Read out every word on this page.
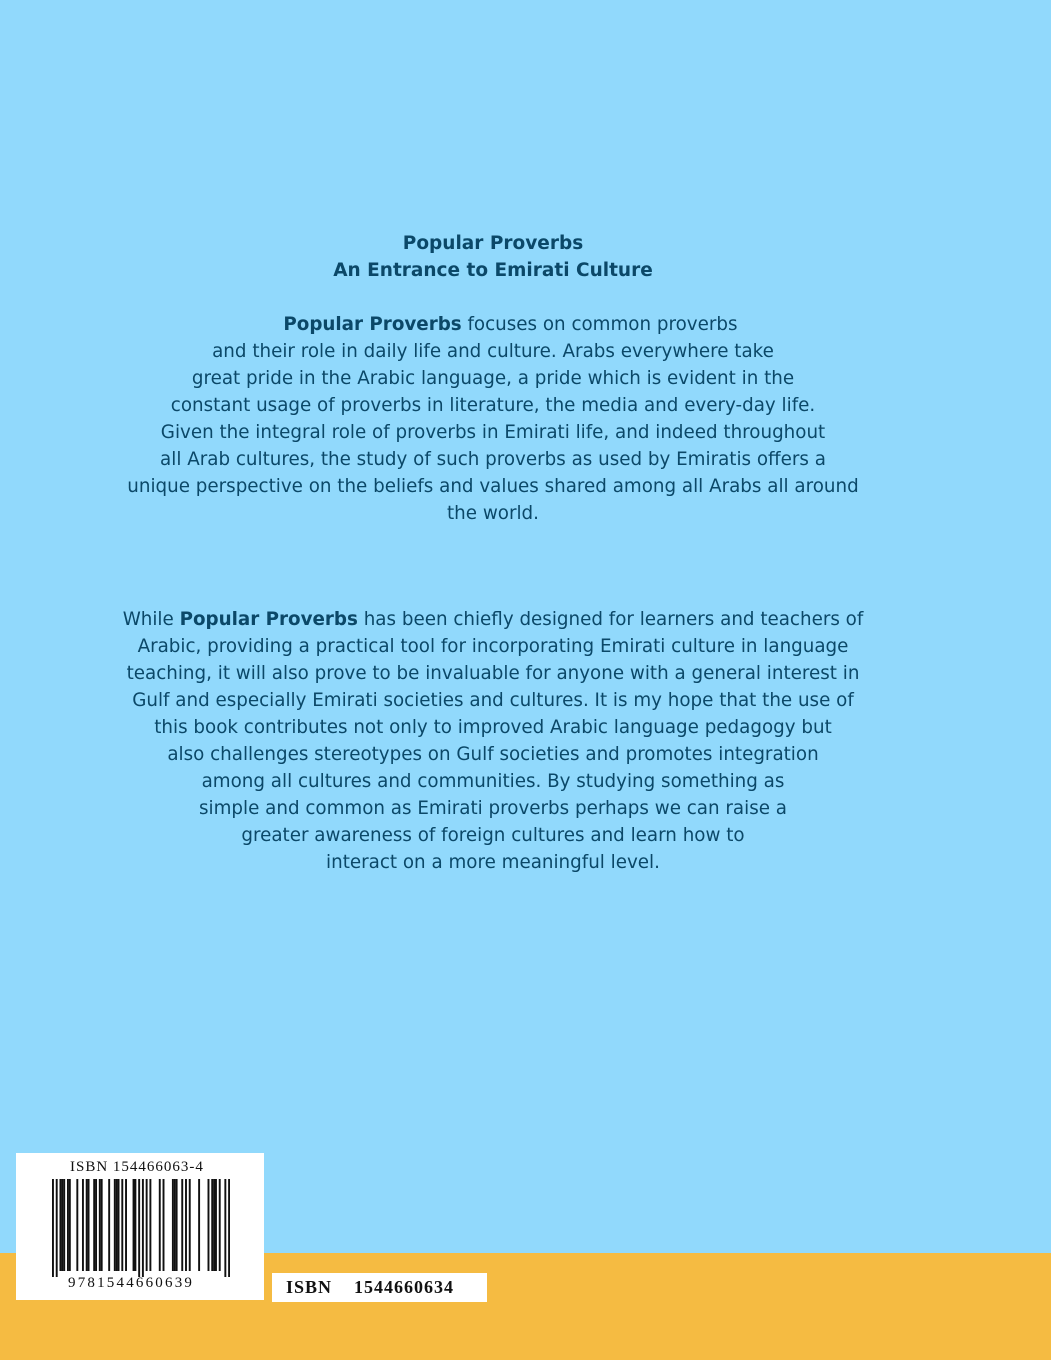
Popular Proverbs
An Entrance to Emirati Culture
Popular Proverbs focuses on common proverbs
and their role in daily life and culture. Arabs everywhere take
great pride in the Arabic language, a pride which is evident in the
constant usage of proverbs in literature, the media and every-day life.
Given the integral role of proverbs in Emirati life, and indeed throughout
all Arab cultures, the study of such proverbs as used by Emiratis offers a
unique perspective on the beliefs and values shared among all Arabs all around
the world.
While Popular Proverbs has been chiefly designed for learners and teachers of
Arabic, providing a practical tool for incorporating Emirati culture in language
teaching, it will also prove to be invaluable for anyone with a general interest in
Gulf and especially Emirati societies and cultures. It is my hope that the use of
this book contributes not only to improved Arabic language pedagogy but
also challenges stereotypes on Gulf societies and promotes integration
among all cultures and communities. By studying something as
simple and common as Emirati proverbs perhaps we can raise a
greater awareness of foreign cultures and learn how to
interact on a more meaningful level.
ISBN 154466063-4
9781544660639	ISBN    1544660634
